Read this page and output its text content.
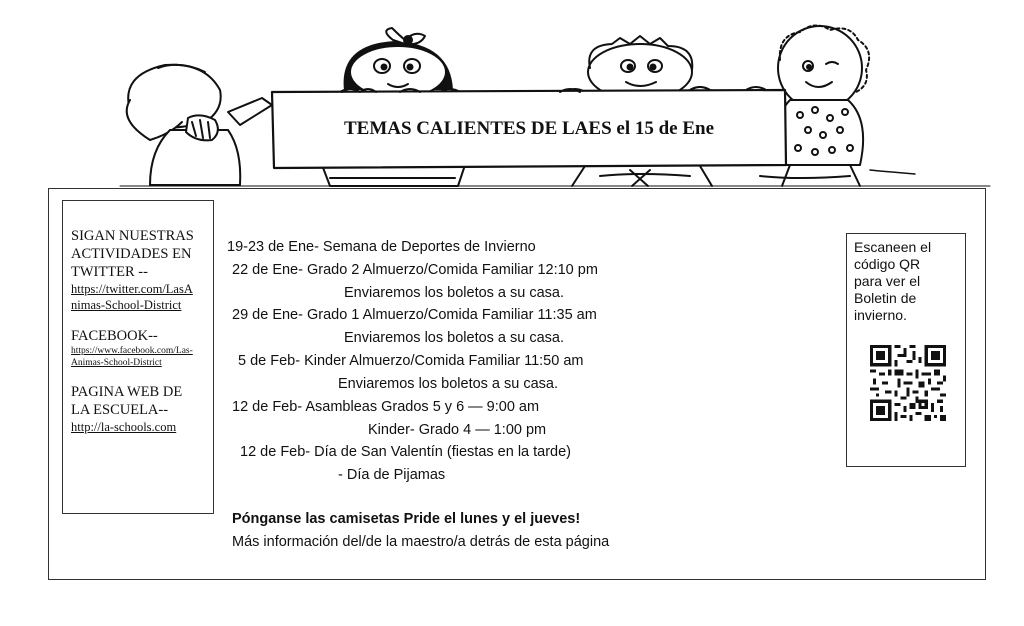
TEMAS CALIENTES DE LAES el 15 de Ene
SIGAN NUESTRAS
ACTIVIDADES EN
TWITTER --
https://twitter.com/LasA
nimas-School-District
FACEBOOK--
https://www.facebook.com/Las-
Animas-School-District
PAGINA WEB DE
LA ESCUELA--
http://la-schools.com
19-23 de Ene- Semana de Deportes de Invierno
22 de Ene- Grado 2 Almuerzo/Comida Familiar 12:10 pm
Enviaremos los boletos a su casa.
29 de Ene- Grado 1 Almuerzo/Comida Familiar 11:35 am
Enviaremos los boletos a su casa.
5 de Feb- Kinder Almuerzo/Comida Familiar 11:50 am
Enviaremos los boletos a su casa.
12 de Feb- Asambleas Grados 5 y 6 — 9:00 am
Kinder- Grado 4 — 1:00 pm
12 de Feb- Día de San Valentín (fiestas en la tarde)
- Día de Pijamas
Pónganse las camisetas Pride el lunes y el jueves!
Más información del/de la maestro/a detrás de esta página
Escaneen el
código QR
para ver el
Boletin de
invierno.
